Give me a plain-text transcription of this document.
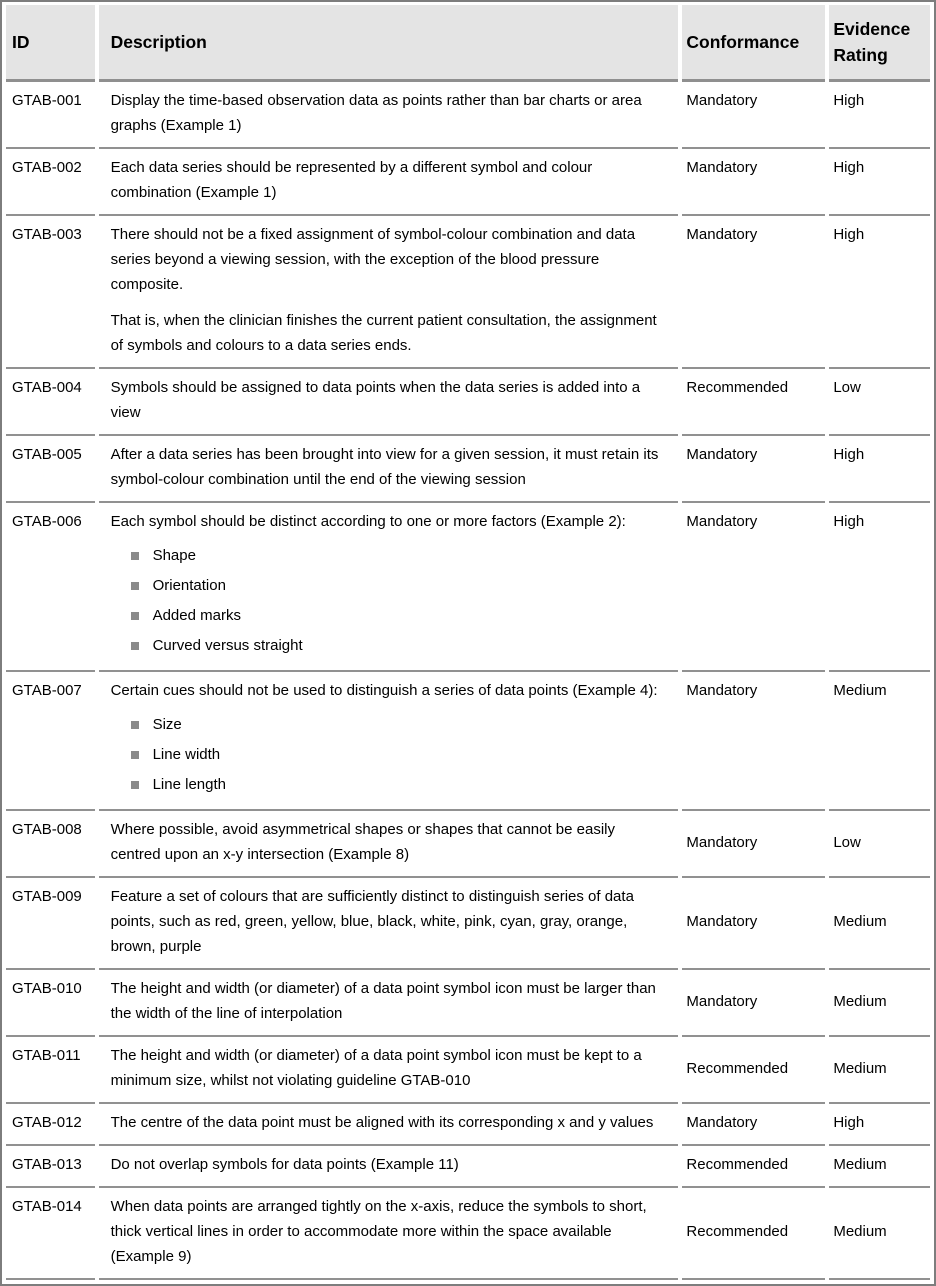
ID	Description	Conformance	Evidence Rating
GTAB-001	Display the time-based observation data as points rather than bar charts or area graphs (Example 1)	Mandatory	High
GTAB-002	Each data series should be represented by a different symbol and colour combination (Example 1)	Mandatory	High
GTAB-003	There should not be a fixed assignment of symbol-colour combination and data series beyond a viewing session, with the exception of the blood pressure composite.

That is, when the clinician finishes the current patient consultation, the assignment of symbols and colours to a data series ends.	Mandatory	High
GTAB-004	Symbols should be assigned to data points when the data series is added into a view	Recommended	Low
GTAB-005	After a data series has been brought into view for a given session, it must retain its symbol-colour combination until the end of the viewing session	Mandatory	High
GTAB-006	Each symbol should be distinct according to one or more factors (Example 2):

Shape
Orientation
Added marks
Curved versus straight
	Mandatory	High
GTAB-007	Certain cues should not be used to distinguish a series of data points (Example 4):

Size
Line width
Line length
	Mandatory	Medium
GTAB-008	Where possible, avoid asymmetrical shapes or shapes that cannot be easily centred upon an x-y intersection (Example 8)	Mandatory	Low
GTAB-009	Feature a set of colours that are sufficiently distinct to distinguish series of data points, such as red, green, yellow, blue, black, white, pink, cyan, gray, orange, brown, purple	Mandatory	Medium
GTAB-010	The height and width (or diameter) of a data point symbol icon must be larger than the width of the line of interpolation	Mandatory	Medium
GTAB-011	The height and width (or diameter) of a data point symbol icon must be kept to a minimum size, whilst not violating guideline GTAB-010	Recommended	Medium
GTAB-012	The centre of the data point must be aligned with its corresponding x and y values	Mandatory	High
GTAB-013	Do not overlap symbols for data points (Example 11)	Recommended	Medium
GTAB-014	When data points are arranged tightly on the x-axis, reduce the symbols to short, thick vertical lines in order to accommodate more within the space available (Example 9)	Recommended	Medium
